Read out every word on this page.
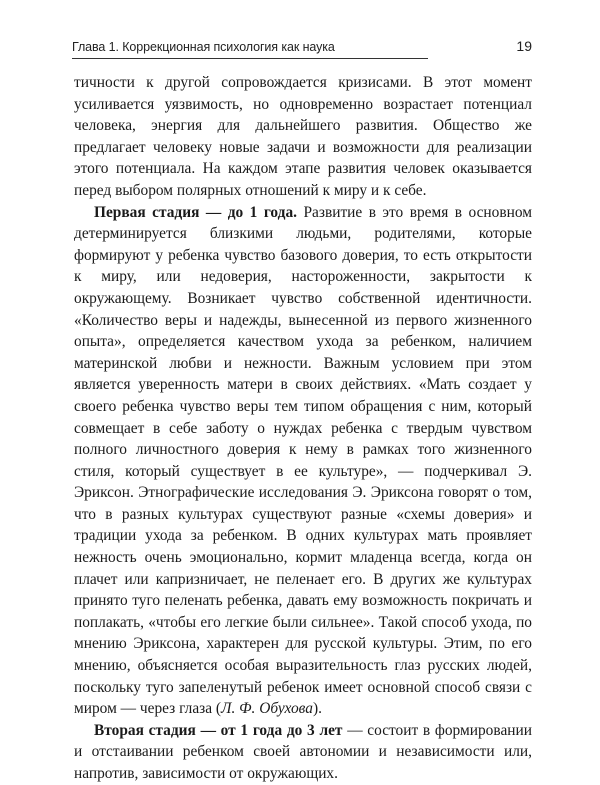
Глава 1. Коррекционная психология как наука	19

тичности к другой сопровождается кризисами. В этот момент усиливается уязвимость, но одновременно возрастает потенциал человека, энергия для дальнейшего развития. Общество же предлагает человеку новые задачи и возможности для реализации этого потенциала. На каждом этапе развития человек оказывается перед выбором полярных отношений к миру и к себе.

Первая стадия — до 1 года. Развитие в это время в основном детерминируется близкими людьми, родителями, которые формируют у ребенка чувство базового доверия, то есть открытости к миру, или недоверия, настороженности, закрытости к окружающему. Возникает чувство собственной идентичности. «Количество веры и надежды, вынесенной из первого жизненного опыта», определяется качеством ухода за ребенком, наличием материнской любви и нежности. Важным условием при этом является уверенность матери в своих действиях. «Мать создает у своего ребенка чувство веры тем типом обращения с ним, который совмещает в себе заботу о нуждах ребенка с твердым чувством полного личностного доверия к нему в рамках того жизненного стиля, который существует в ее культуре», — подчеркивал Э. Эриксон. Этнографические исследования Э. Эриксона говорят о том, что в разных культурах существуют разные «схемы доверия» и традиции ухода за ребенком. В одних культурах мать проявляет нежность очень эмоционально, кормит младенца всегда, когда он плачет или капризничает, не пеленает его. В других же культурах принято туго пеленать ребенка, давать ему возможность покричать и поплакать, «чтобы его легкие были сильнее». Такой способ ухода, по мнению Эриксона, характерен для русской культуры. Этим, по его мнению, объясняется особая выразительность глаз русских людей, поскольку туго запеленутый ребенок имеет основной способ связи с миром — через глаза (Л. Ф. Обухова).

Вторая стадия — от 1 года до 3 лет — состоит в формировании и отстаивании ребенком своей автономии и независимости или, напротив, зависимости от окружающих.
